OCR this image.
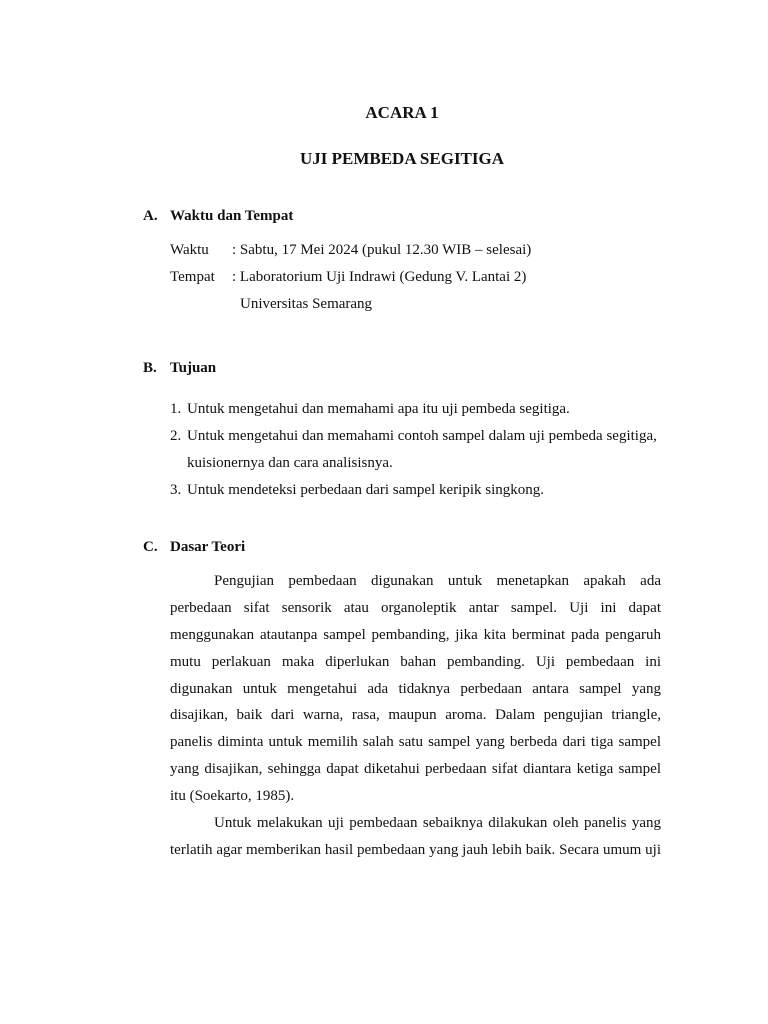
ACARA 1
UJI PEMBEDA SEGITIGA
A. Waktu dan Tempat
Waktu : Sabtu, 17 Mei 2024 (pukul 12.30 WIB – selesai)
Tempat : Laboratorium Uji Indrawi (Gedung V. Lantai 2)
Universitas Semarang
B. Tujuan
1. Untuk mengetahui dan memahami apa itu uji pembeda segitiga.
2. Untuk mengetahui dan memahami contoh sampel dalam uji pembeda segitiga,
kuisionernya dan cara analisisnya.
3. Untuk mendeteksi perbedaan dari sampel keripik singkong.
C. Dasar Teori
Pengujian pembedaan digunakan untuk menetapkan apakah ada
perbedaan sifat sensorik atau organoleptik antar sampel. Uji ini dapat
menggunakan atautanpa sampel pembanding, jika kita berminat pada pengaruh
mutu perlakuan maka diperlukan bahan pembanding. Uji pembedaan ini
digunakan untuk mengetahui ada tidaknya perbedaan antara sampel yang
disajikan, baik dari warna, rasa, maupun aroma. Dalam pengujian triangle,
panelis diminta untuk memilih salah satu sampel yang berbeda dari tiga sampel
yang disajikan, sehingga dapat diketahui perbedaan sifat diantara ketiga sampel
itu (Soekarto, 1985).
Untuk melakukan uji pembedaan sebaiknya dilakukan oleh panelis yang
terlatih agar memberikan hasil pembedaan yang jauh lebih baik. Secara umum uji
